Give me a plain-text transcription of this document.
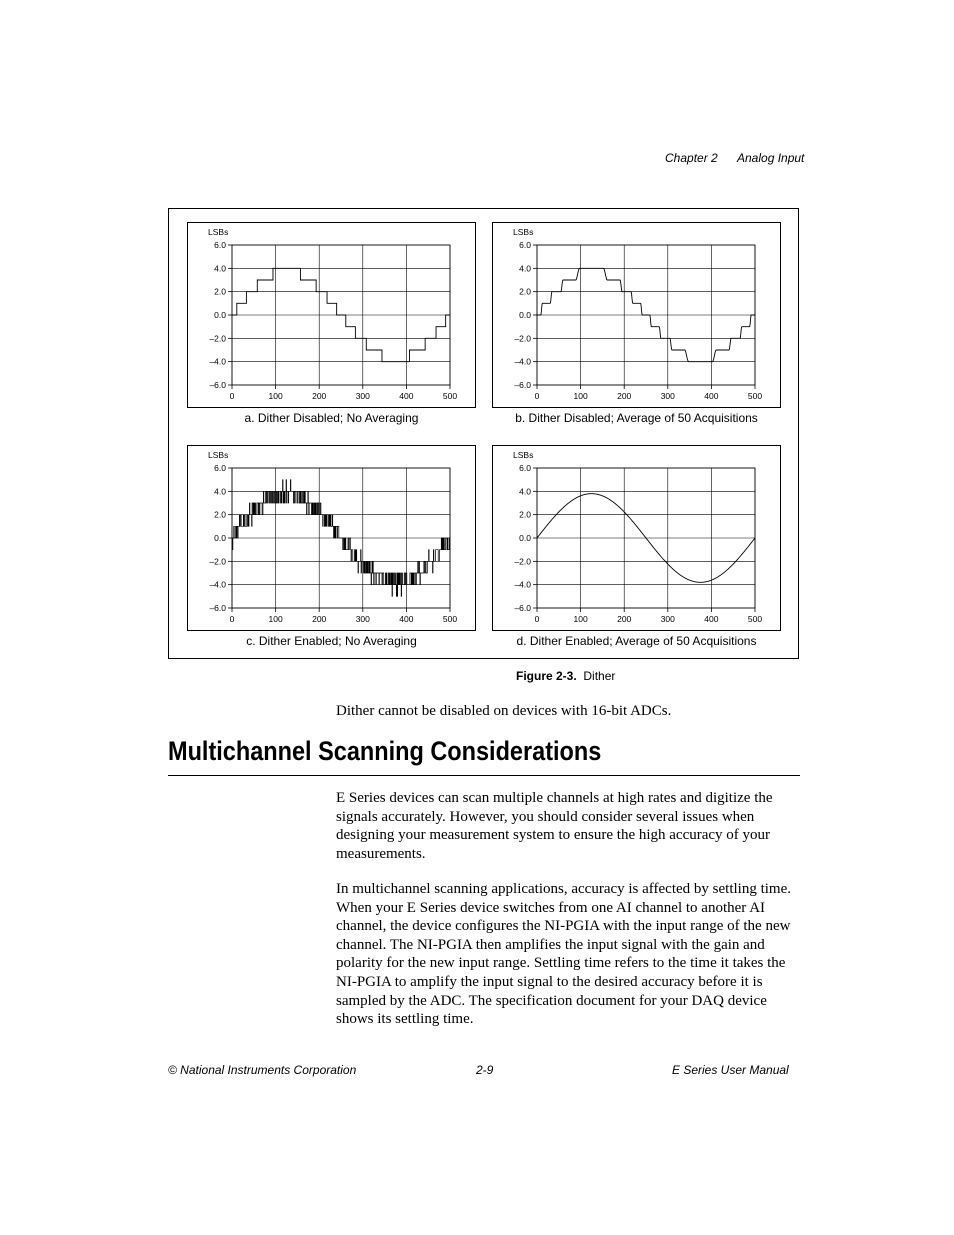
Chapter 2 Analog Input
–6.0
–4.0
–2.0
0.0
2.0
4.0
6.0
0	100	200	300	400	500
LSBs
a. Dither Disabled; No Averaging
–6.0
–4.0
–2.0
0.0
2.0
4.0
6.0
0	100	200	300	400	500
LSBs
b. Dither Disabled; Average of 50 Acquisitions
–6.0
–4.0
–2.0
0.0
2.0
4.0
6.0
0	100	200	300	400	500
LSBs
c. Dither Enabled; No Averaging
–6.0
–4.0
–2.0
0.0
2.0
4.0
6.0
0	100	200	300	400	500
LSBs
d. Dither Enabled; Average of 50 Acquisitions
Figure 2-3. Dither
Dither cannot be disabled on devices with 16-bit ADCs.
Multichannel Scanning Considerations
E Series devices can scan multiple channels at high rates and digitize the signals accurately. However, you should consider several issues when designing your measurement system to ensure the high accuracy of your measurements.
In multichannel scanning applications, accuracy is affected by settling time. When your E Series device switches from one AI channel to another AI channel, the device configures the NI-PGIA with the input range of the new channel. The NI-PGIA then amplifies the input signal with the gain and polarity for the new input range. Settling time refers to the time it takes the NI-PGIA to amplify the input signal to the desired accuracy before it is sampled by the ADC. The specification document for your DAQ device shows its settling time.
© National Instruments Corporation	2-9	E Series User Manual
